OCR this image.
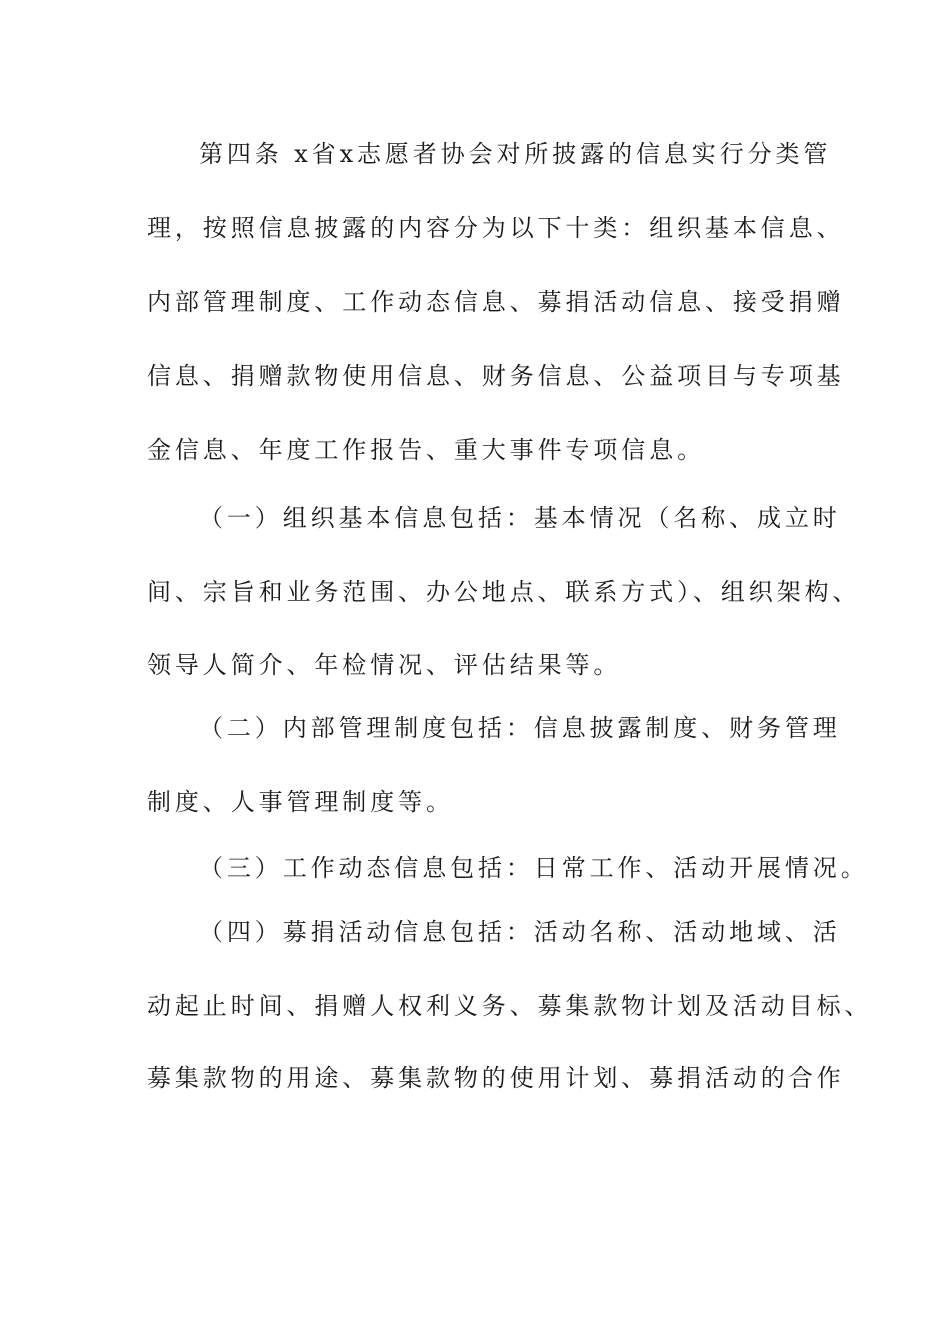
第四条 x省x志愿者协会对所披露的信息实行分类管
理，按照信息披露的内容分为以下十类：组织基本信息、
内部管理制度、工作动态信息、募捐活动信息、接受捐赠
信息、捐赠款物使用信息、财务信息、公益项目与专项基
金信息、年度工作报告、重大事件专项信息。
（一）组织基本信息包括：基本情况（名称、成立时
间、宗旨和业务范围、办公地点、联系方式）、组织架构、
领导人简介、年检情况、评估结果等。
（二）内部管理制度包括：信息披露制度、财务管理
制度、人事管理制度等。
（三）工作动态信息包括：日常工作、活动开展情况。
（四）募捐活动信息包括：活动名称、活动地域、活
动起止时间、捐赠人权利义务、募集款物计划及活动目标、
募集款物的用途、募集款物的使用计划、募捐活动的合作
